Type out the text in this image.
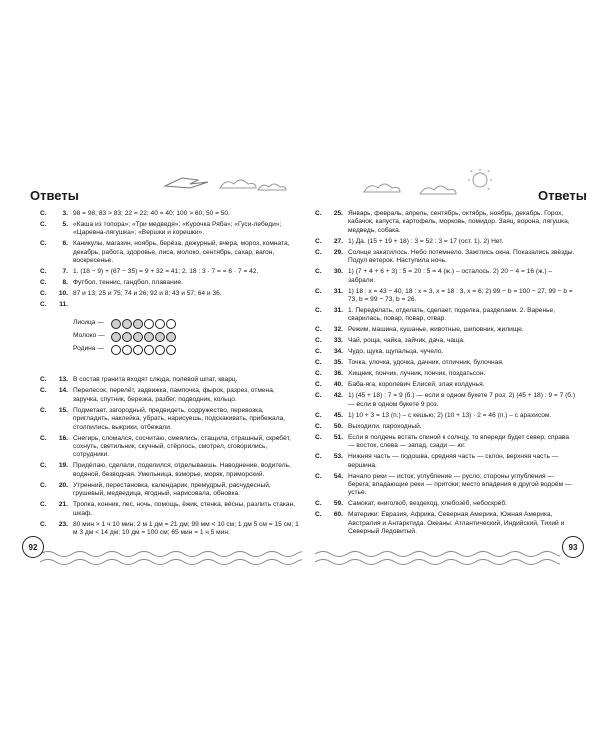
Ответы	Ответы
С.	3. 98 = 98; 83 > 83; 22 = 22; 40 = 40; 100 > 60; 50 = 50.
С.	5. «Каша из топора»; «Три медведя»; «Курочка Ряба»; «Гуси-лебеди»; «Царевна-лягушка»; «Вершки и корешки».
С.	6. Каникулы, магазин, ноябрь, берёза, дежурный, вчера, мороз, комната, декабрь, работа, здоровье, лиса, молоко, сентябрь, сахар, вагон, воскресенье.
С.	7. 1. (18 − 9) + (67 − 35) = 9 + 32 = 41; 2. 18 : 3 · 7 = = 6 · 7 = 42.
С.	8. Футбол, теннис, гандбол, плавание.
С.	10. 87 и 13; 25 и 75; 74 и 26; 92 и 8; 43 и 57; 64 и 36.
С.	11.

Лисица —
Молоко —
Родина —

С.	13. В состав гранита входят слюда, полевой шпат, кварц.
С.	14. Перелесок, перелёт, задвижка, пампочка, фырок, разрез, отмена, заручка, спутник, березка, разбег, подводник, кольцо.
С.	15. Подметает, загородный, предвидеть, содружество, перевозка, пригладить, наклейка, убрать, нарисуешь, подскакивать, прибежала, столпились, выкрики, отбежали.
С.	16. Снегирь, сломался, сосчитаю, смеялись, стащила, страшный, скребёт, сохнуть, светильник, скучный, стёрлось, смотрел, сговорились, сотрудники.
С.	19. Придёлаю, сделали, поделился, отделываешь. Наводнение, водитель, водяной, безводная. Умельница, взморье, моряк, приморский.
С.	20. Утренний, перестановка, календарик, премудрый, расчудесный, грушевый, медведица, ягодный, нарисовала, обновка.
С.	21. Тропка, конник, лес, ночь, помощь, ёжик, стенка, вёсны, разлить стакан, шкаф.
С.	23. 80 мин > 1 ч 10 мин; 2 м 1 дм = 21 дм; 99 мм < 10 см; 1 дм 5 см = 15 см; 1 м 3 дм < 14 дм; 10 дм = 100 см; 65 мин = 1 ч 5 мин.
С.	25. Январь, февраль, апрель, сентябрь, октябрь, ноябрь, декабрь. Горох, кабачок, капуста, картофель, морковь, помидор. Заяц, ворона, лягушка, медведь, собака.
С.	27. 1) Да. (15 + 19 + 18) : 3 = 52 : 3 = 17 (ост. 1). 2) Нет.
С.	29. Солнце закатилось. Небо потемнело. Зажглись окна. Показались звёзды. Подул ветерок. Наступила ночь.
С.	30. 1) (7 + 4 + 6 + 3) : 5 = 20 : 5 = 4 (ж.) – осталось. 2) 20 − 4 = 16 (ж.) – забрали.
С.	31. 1) 18 : x = 43 − 40, 18 : x = 3, x = 18 : 3, x = 6; 2) 99 − b = 100 − 27, 99 − b = 73, b = 99 − 73, b = 26.
С.	31. 1. Переделать, отделать, сделает, поделка, разделаем. 2. Варенье, сварилась, повар, повар, отвар.
С.	32. Режим, машина, кушанье, животные, шиповник, жилище.
С.	33. Чай, роща, чайка, зайчик, дача, чаща.
С.	34. Чудо, щука, щупальца, чучело.
С.	35. Точка, улочка, удочка, дачник, отличник, булочная.
С.	36. Хищник, пончик, лучник, пончик, поздатьсон.
С.	40. Баба-яга, королевич Елисей, злая колдунья.
С.	42. 1) (45 + 18) : 7 = 9 (б.) — если в одном букете 7 роз; 2) (45 + 18) : 9 = 7 (б.) — если в одном букете 9 роз.
С.	45. 1) 10 + 3 = 13 (п.) – с кешью; 2) (10 + 13) · 2 = 46 (п.) – с арахисом.
С.	50. Выходили, пароходный.
С.	51. Если в полдень встать спиной к солнцу, то впереди будет север, справа — восток, слева — запад, сзади — юг.
С.	53. Нижняя часть — подошва, средняя часть — склон, верхняя часть — вершина.
С.	54. Начало реки — исток; углубление — русло; стороны углубления — берега; впадающие реки — притоки; место впадения в другой водоём — устье.
С.	59. Самокат, книголюб, вездеход, хлебозёб, небоскрёб.
С.	60. Материки: Евразия, Африка, Северная Америка, Южная Америка, Австралия и Антарктида. Океаны: Атлантический, Индийский, Тихий и Северный Ледовитый.
92	93
